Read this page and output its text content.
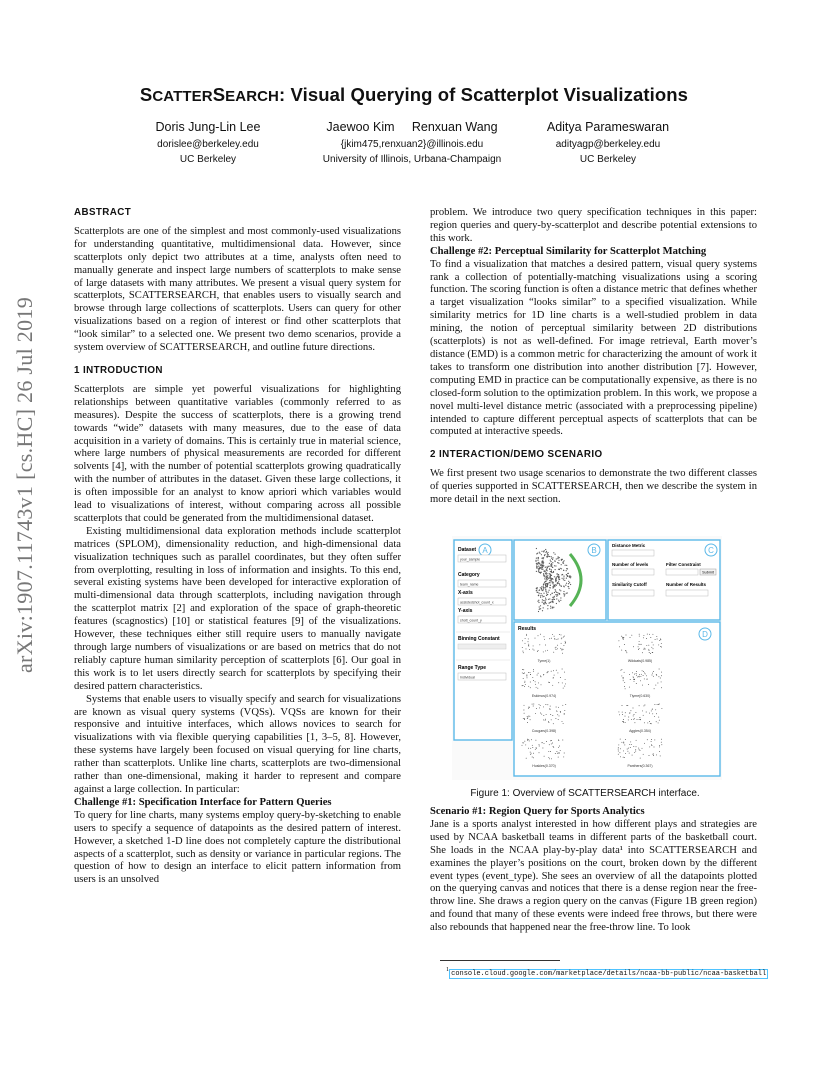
SCATTERSEARCH: Visual Querying of Scatterplot Visualizations
Doris Jung-Lin Lee
dorislee@berkeley.edu
UC Berkeley
Jaewoo Kim     Renxuan Wang
{jkim475,renxuan2}@illinois.edu
University of Illinois, Urbana-Champaign
Aditya Parameswaran
adityagp@berkeley.edu
UC Berkeley
arXiv:1907.11743v1 [cs.HC] 26 Jul 2019
ABSTRACT

Scatterplots are one of the simplest and most commonly-used visualizations for understanding quantitative, multidimensional data. However, since scatterplots only depict two attributes at a time, analysts often need to manually generate and inspect large numbers of scatterplots to make sense of large datasets with many attributes. We present a visual query system for scatterplots, SCATTERSEARCH, that enables users to visually search and browse through large collections of scatterplots. Users can query for other visualizations based on a region of interest or find other scatterplots that “look similar” to a selected one. We present two demo scenarios, provide a system overview of SCATTERSEARCH, and outline future directions.

1 INTRODUCTION

Scatterplots are simple yet powerful visualizations for highlighting relationships between quantitative variables (commonly referred to as measures). Despite the success of scatterplots, there is a growing trend towards “wide” datasets with many measures, due to the ease of data acquisition in a variety of domains. This is certainly true in material science, where large numbers of physical measurements are recorded for different solvents [4], with the number of potential scatterplots growing quadratically with the number of attributes in the dataset. Given these large collections, it is often impossible for an analyst to know apriori which variables would lead to visualizations of interest, without comparing across all possible scatterplots that could be generated from the multidimensional dataset.

Existing multidimensional data exploration methods include scatterplot matrices (SPLOM), dimensionality reduction, and high-dimensional data visualization techniques such as parallel coordinates, but they often suffer from overplotting, resulting in loss of information and insights. To this end, several existing systems have been developed for interactive exploration of multi-dimensional data through scatterplots, including navigation through the scatterplot matrix [2] and exploration of the space of graph-theoretic features (scagnostics) [10] or statistical features [9] of the visualizations. However, these techniques either still require users to manually navigate through large numbers of visualizations or are based on metrics that do not reliably capture human similarity perception of scatterplots [6]. Our goal in this work is to let users directly search for scatterplots by specifying their desired pattern characteristics.

Systems that enable users to visually specify and search for visualizations are known as visual query systems (VQSs). VQSs are known for their responsive and intuitive interfaces, which allows novices to search for visualizations with via flexible querying capabilities [1, 3–5, 8]. However, these systems have largely been focused on visual querying for line charts, rather than scatterplots. Unlike line charts, scatterplots are two-dimensional rather than one-dimensional, making it harder to represent and compare against a large collection. In particular:

Challenge #1: Specification Interface for Pattern Queries

To query for line charts, many systems employ query-by-sketching to enable users to specify a sequence of datapoints as the desired pattern of interest. However, a sketched 1-D line does not completely capture the distributional aspects of a scatterplot, such as density or variance in particular regions. The question of how to design an interface to elicit pattern information from users is an unsolved

problem. We introduce two query specification techniques in this paper: region queries and query-by-scatterplot and describe potential extensions to this work.

Challenge #2: Perceptual Similarity for Scatterplot Matching

To find a visualization that matches a desired pattern, visual query systems rank a collection of potentially-matching visualizations using a scoring function. The scoring function is often a distance metric that defines whether a target visualization “looks similar” to a specified visualization. While similarity metrics for 1D line charts is a well-studied problem in data mining, the notion of perceptual similarity between 2D distributions (scatterplots) is not as well-defined. For image retrieval, Earth mover’s distance (EMD) is a common metric for characterizing the amount of work it takes to transform one distribution into another distribution [7]. However, computing EMD in practice can be computationally expensive, as there is no closed-form solution to the optimization problem. In this work, we propose a novel multi-level distance metric (associated with a preprocessing pipeline) intended to capture different perceptual aspects of scatterplots that can be computed at interactive speeds.

2 INTERACTION/DEMO SCENARIO

We first present two usage scenarios to demonstrate the two different classes of queries supported in SCATTERSEARCH, then we describe the system in more detail in the next section.

A
Dataset
your_sample
Category
team_name
X-axis
assistedshot_count_x
Y-axis
shott_count_y
Binning Constant
Range Type
Individual
B	C
Distance Metric
Number of levels	Filter Constraint
Submit
Similarity Cutoff	Number of Results
D
Results
Tyme(1)	Wildcats(0.985)
Eskimos(0.974)	Tiyme(0.630)
Cougars(0.398)	Aggies(0.354)
Huskies(0.370)	Panthers(0.367)
Figure 1: Overview of SCATTERSEARCH interface.
Scenario #1: Region Query for Sports Analytics

Jane is a sports analyst interested in how different plays and strategies are used by NCAA basketball teams in different parts of the basketball court. She loads in the NCAA play-by-play data¹ into SCATTERSEARCH and examines the player’s positions on the court, broken down by the different event types (event_type). She sees an overview of all the datapoints plotted on the querying canvas and notices that there is a dense region near the free-throw line. She draws a region query on the canvas (Figure 1B green region) and found that many of these events were indeed free throws, but there were also rebounds that happened near the free-throw line. To look

$^1$ console.cloud.google.com/marketplace/details/ncaa-bb-public/ncaa-basketball
